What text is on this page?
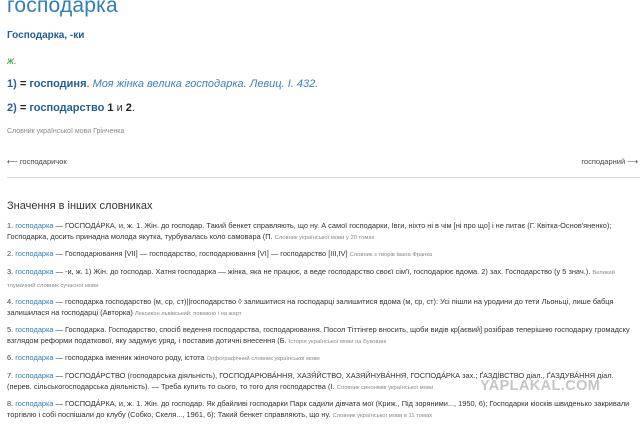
господарка
Господарка, -ки
ж.
1) = господиня. Моя жінка велика господарка. Левиц. І. 432.
2) = господарство 1 и 2.
Словник української мови Грінченка
⟵ господаричок	господарний ⟶
Значення в інших словниках
1. господарка — ГОСПОДА́РКА, и, ж. 1. Жін. до господар. Такий бенкет справляють, що ну. А самої господарки, Івги, ніхто ні в чім [ні про що] і не питає (Г. Квітка-Основ'яненко); Господарка, досить принадна молода якутка, турбувалась коло самовара (П. Словник української мови у 20 томах
2. господарка — Господарювання [VII] — господарство, господарювання [VI] — господарство [III,IV] Словник з творів Івана Франка
3. господарка — -и, ж. 1) Жін. до господар. Хатня господарка — жінка, яка не працює, а веде господарство своєї сім'ї, господарює вдома. 2) зах. Господарство (у 5 знач.). Великий тлумачний словник сучасної мови
4. господарка — господарка господарство (м, ср, ст)||господарство ◊ залишитися на господарці залишитися вдома (м, ср, ст): Усі пішли на уродини до тети Льоньці, лише бабця залишилася на господарці (Авторка) Лексикон львівський: поважно і на жарт
5. господарка — Господарка. Господарство, спосіб ведення господарства, господарювання. Посол Тіттінгер вносить, щоби видів кр[аєвий] розібрав теперішню господарку громадску взглядом реформи податкової, яку задумує уряд, і поставив дотичні внесення (Б. Історія української мови на Буковині
6. господарка — господарка іменник жіночого роду, істота Орфографічний словник української мови
7. господарка — ГОСПОДА́РСТВО (господарська діяльність), ГОСПОДАРЮВА́ННЯ, ХАЗЯ́ЙСТВО, ХАЗЯЙНУВА́ННЯ, ГОСПОДА́РКА зах.; ҐАЗДІ́ВСТВО діал., ҐАЗДУВА́ННЯ діал. (перев. сільськогосподарська діяльність). — Треба купить то сього, то того для господарства (І. Словник синонімів української мови
8. господарка — ГОСПОДА́РКА, и, ж. 1. Жін. до господар. Як дбайливі господарки Парк садили дівчата мої (Криж., Під зоряними..., 1950, 6); Господарки кіосків швиденько закривали торгівлю і собі поспішали до клубу (Собко, Скеля..., 1961, 6); Такий бенкет справляють, що ну. Словник української мови в 11 томах
YAPLAKAL.COM
